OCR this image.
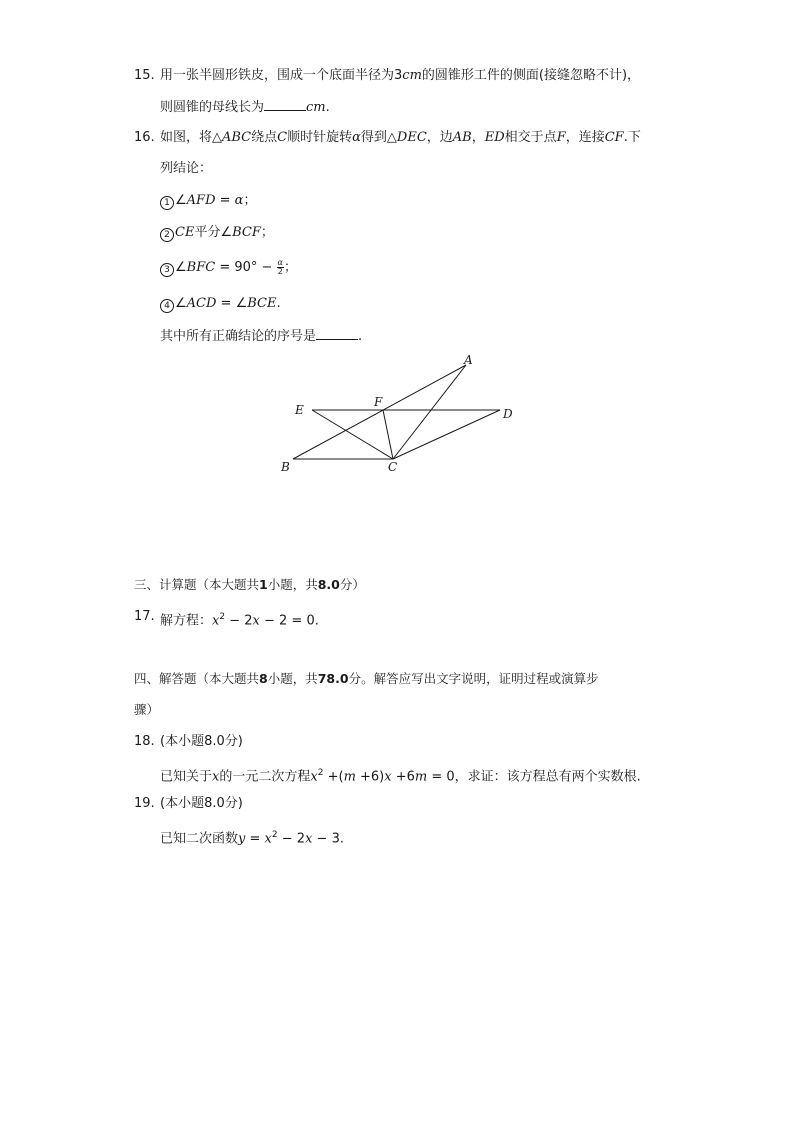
15. 用一张半圆形铁皮，围成一个底面半径为3cm的圆锥形工件的侧面(接缝忽略不计)，
则圆锥的母线长为	cm.
16. 如图，将△ABC绕点C顺时针旋转α得到△DEC，边AB，ED相交于点F，连接CF.下
列结论：
1 ∠AFD = α；
2 CE平分∠BCF；
3 ∠BFC = $90^\circ - \frac{\alpha}{2}$ ；
4 ∠ACD = ∠BCE.
其中所有正确结论的序号是	.
A
B	C
D
E
F
三、计算题（本大题共1小题，共8.0分）
17. 解方程：$x^2 - 2x - 2 = 0$.
四、解答题（本大题共8小题，共78.0分。解答应写出文字说明，证明过程或演算步
骤）
18. (本小题8.0分)
已知关于x的一元二次方程$x^2 +(m +6)x +6m = 0$，求证：该方程总有两个实数根.
19. (本小题8.0分)
已知二次函数$y = x^2 - 2x - 3$.
